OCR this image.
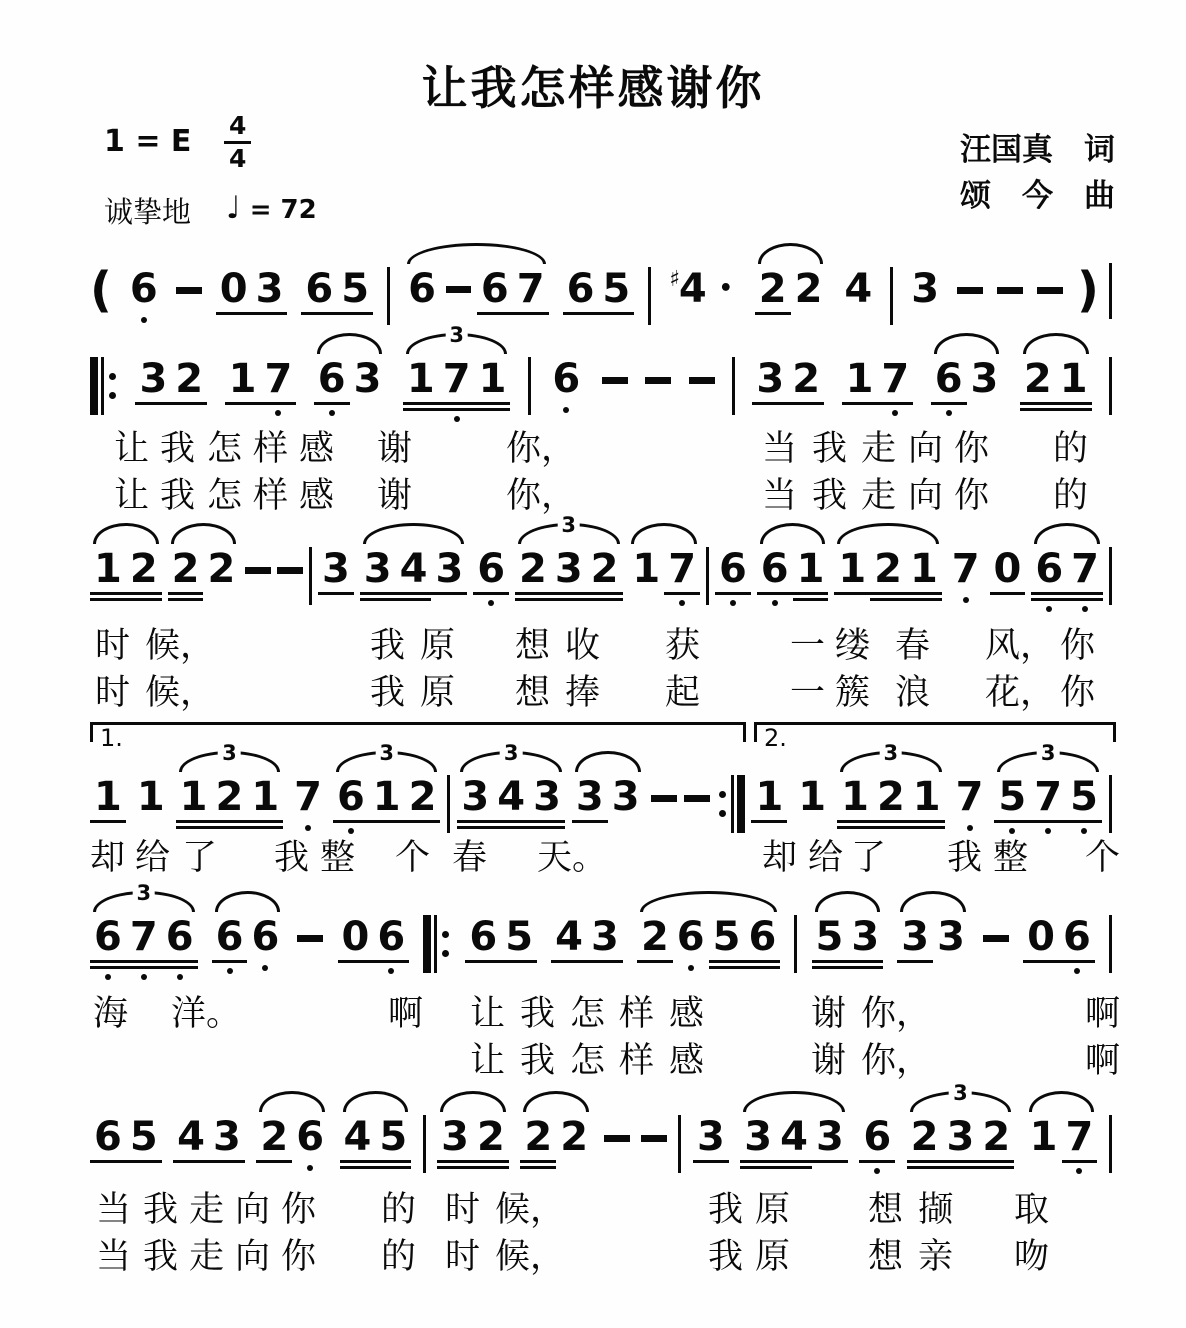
让我怎样感谢你
1 = E $\frac{4}{4}$
诚挚地 ♩ = 72
汪国真　词
颂　今　曲
( 6 0 3 6 5 6 6 7 6 5 ♯4 • 2 2 4 3	)
3 2 1 7 6 3
3
1 7 1 6	3 2 1 7 6 3 2 1
1 2 2 2 3 3 4 3 6
3
2 3 2 1 7 6 6 1 1 2 1 7 0 6 7
1.	2.
1 1
3
1 2 1 7
3
6 1 2
3
3 4 3 3 3	1 1
3
1 2 1 7
3
5 7 5
3
6 7 6 6 6 0 6 6 5 4 3 2 6 5 6 5 3 3 3 0 6
6 5 4 3 2 6 4 5 3 2 2 2	3 3 4 3 6
3
2 3 2 1 7
让 我 怎 样 感 谢	你，	当 我 走 向 你 的
让 我 怎 样 感 谢	你，	当 我 走 向 你 的
时 候，	我 原 想 收 获	一 缕 春 风， 你
时 候，	我 原 想 捧 起	一 簇 浪 花， 你
却 给 了 我 整 个 春 天。	却 给 了 我 整 个
海 洋。	啊 让 我 怎 样 感	谢 你，	啊
让 我 怎 样 感	谢 你，	啊
当 我 走 向 你 的 时 候，	我 原 想 撷 取
当 我 走 向 你 的 时 候，	我 原 想 亲 吻
